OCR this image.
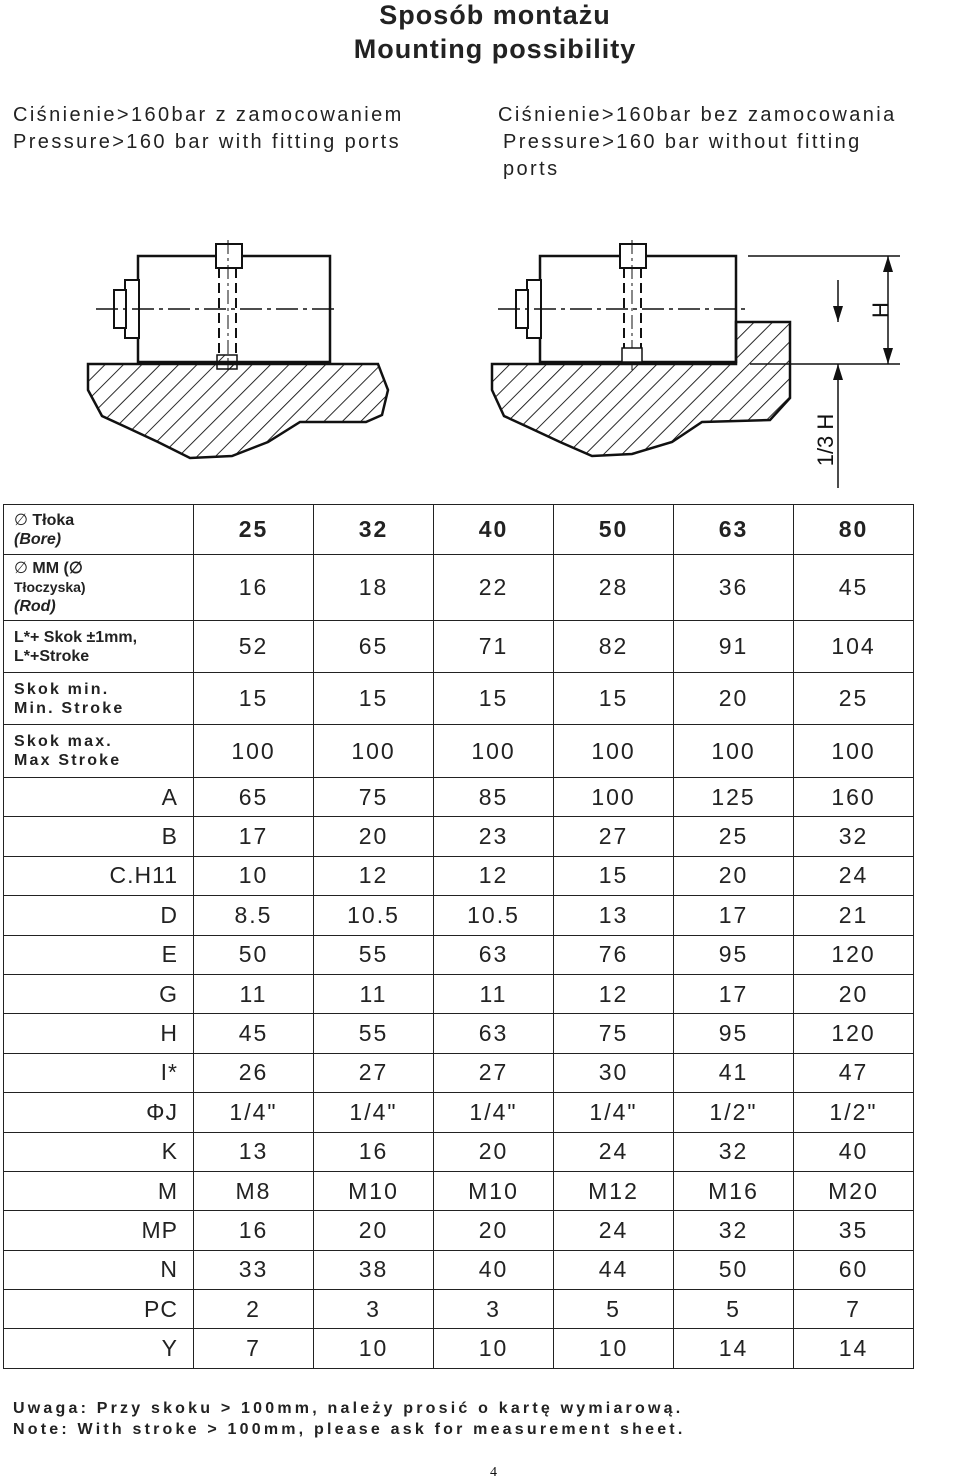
Sposób montażu
Mounting possibility
Ciśnienie>160bar z zamocowaniem
Pressure>160 bar with fitting ports
Ciśnienie>160bar bez zamocowania
Pressure>160 bar without fitting
ports
H
1/3 H
∅ Tłoka
(Bore)	25	32	40	50	63	80

∅ MM (∅
Tłoczyska)
(Rod)	16	18	22	28	36	45

L*+ Skok ±1mm,
L*+Stroke	52	65	71	82	91	104

Skok min.
Min. Stroke	15	15	15	15	20	25

Skok max.
Max Stroke	100	100	100	100	100	100
A	65	75	85	100	125	160
B	17	20	23	27	25	32
C.H11	10	12	12	15	20	24
D	8.5	10.5	10.5	13	17	21
E	50	55	63	76	95	120
G	11	11	11	12	17	20
H	45	55	63	75	95	120
I*	26	27	27	30	41	47
ΦJ	1/4"	1/4"	1/4"	1/4"	1/2"	1/2"
K	13	16	20	24	32	40
M	M8	M10	M10	M12	M16	M20
MP	16	20	20	24	32	35
N	33	38	40	44	50	60
PC	2	3	3	5	5	7
Y	7	10	10	10	14	14
Uwaga: Przy skoku > 100mm, należy prosić o kartę wymiarową.
Note: With stroke > 100mm, please ask for measurement sheet.
4
